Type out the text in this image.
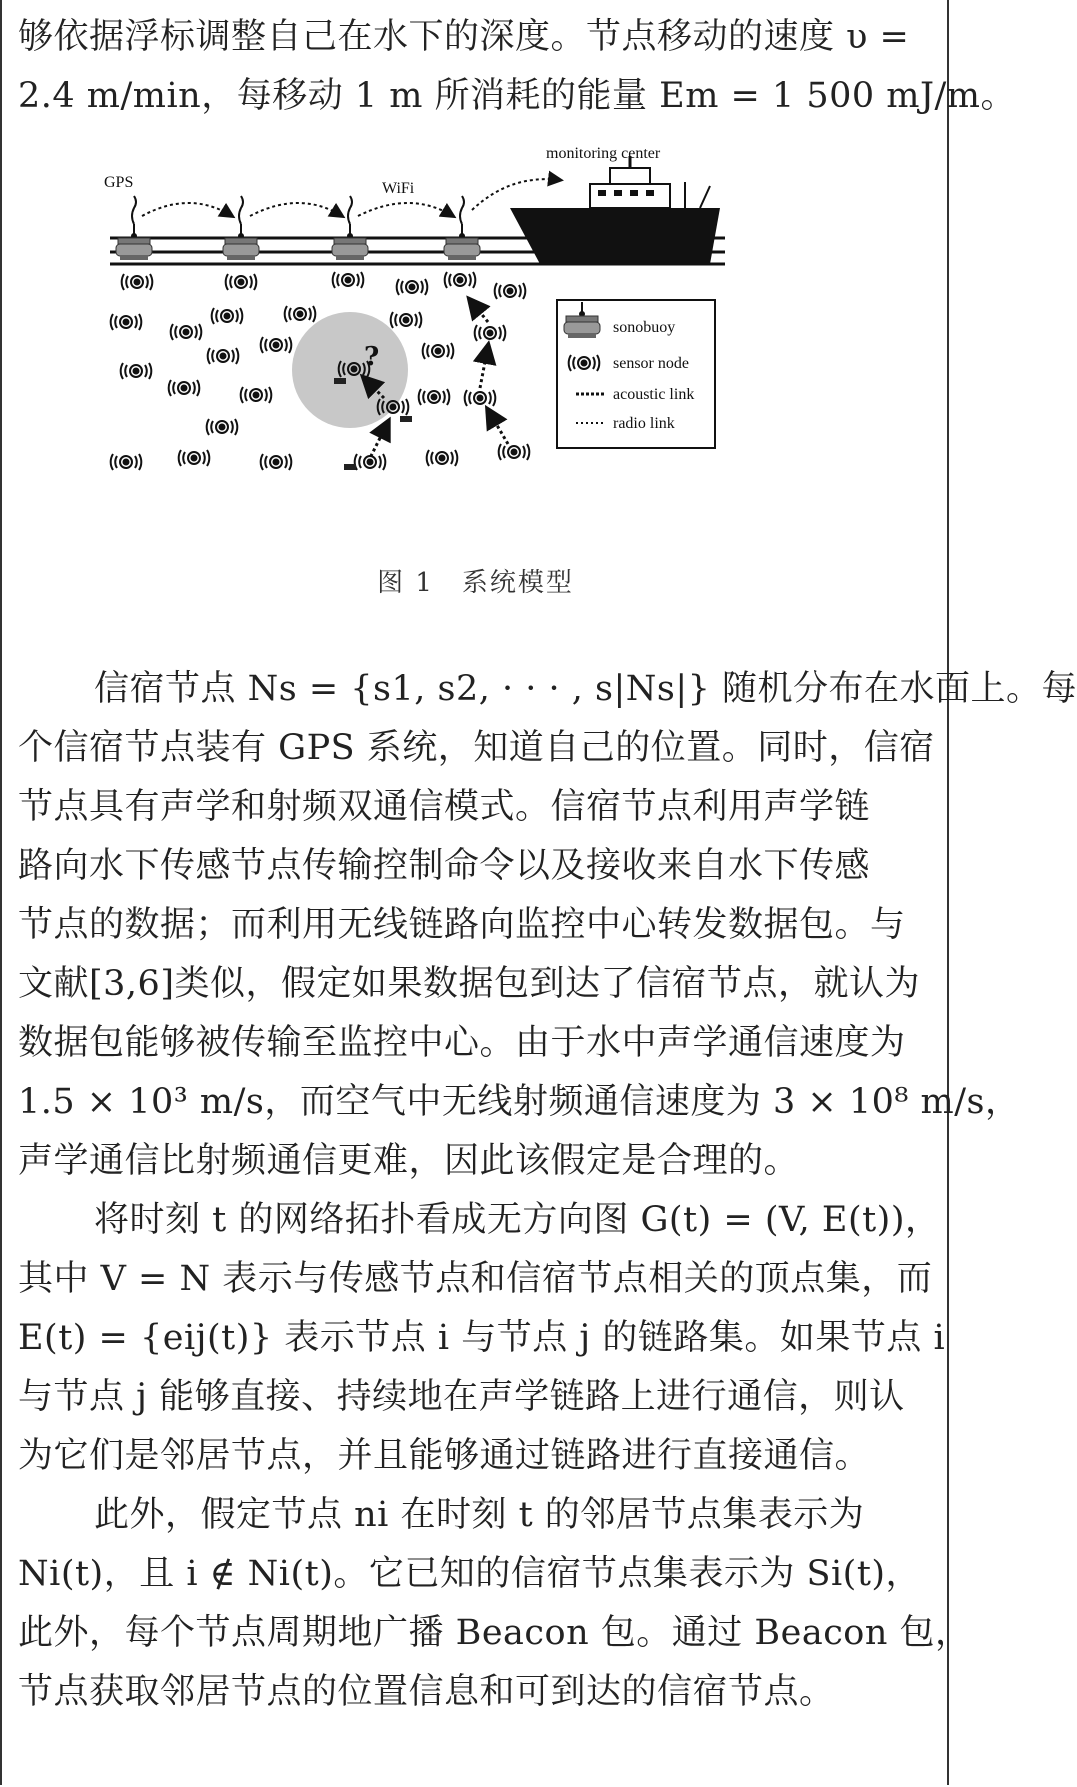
够依据浮标调整自己在水下的深度。节点移动的速度 υ =
2.4 m/min，每移动 1 m 所消耗的能量 Em = 1 500 mJ/m。
GPS	WiFi
monitoring center
?
sonobuoy
sensor node
acoustic link
radio link
图 1　系统模型
信宿节点 Ns = {s1, s2, · · · , s|Ns|} 随机分布在水面上。每
个信宿节点装有 GPS 系统，知道自己的位置。同时，信宿
节点具有声学和射频双通信模式。信宿节点利用声学链
路向水下传感节点传输控制命令以及接收来自水下传感
节点的数据；而利用无线链路向监控中心转发数据包。与
文献[3,6]类似，假定如果数据包到达了信宿节点，就认为
数据包能够被传输至监控中心。由于水中声学通信速度为
1.5 × 10³ m/s，而空气中无线射频通信速度为 3 × 10⁸ m/s，
声学通信比射频通信更难，因此该假定是合理的。
将时刻 t 的网络拓扑看成无方向图 G(t) = (V, E(t))，
其中 V = N 表示与传感节点和信宿节点相关的顶点集，而
E(t) = {eij(t)} 表示节点 i 与节点 j 的链路集。如果节点 i
与节点 j 能够直接、持续地在声学链路上进行通信，则认
为它们是邻居节点，并且能够通过链路进行直接通信。
此外，假定节点 ni 在时刻 t 的邻居节点集表示为
Ni(t)，且 i ∉ Ni(t)。它已知的信宿节点集表示为 Si(t)，
此外，每个节点周期地广播 Beacon 包。通过 Beacon 包，
节点获取邻居节点的位置信息和可到达的信宿节点。
